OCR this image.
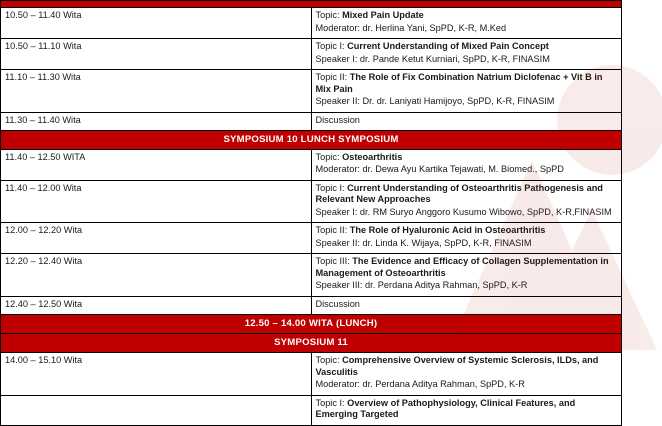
10.50 – 11.40 Wita	Topic: Mixed Pain Update
Moderator: dr. Herlina Yani, SpPD, K-R, M.Ked

10.50 – 11.10 Wita	Topic I: Current Understanding of Mixed Pain Concept
Speaker I: dr. Pande Ketut Kurniari, SpPD, K-R, FINASIM

11.10 – 11.30 Wita	Topic II: The Role of Fix Combination Natrium Diclofenac + Vit B in Mix Pain
Speaker II: Dr. dr. Laniyati Hamijoyo, SpPD, K-R, FINASIM

11.30 – 11.40 Wita	Discussion

SYMPOSIUM 10 LUNCH SYMPOSIUM	
11.40 – 12.50 WITA	Topic: Osteoarthritis
Moderator: dr. Dewa Ayu Kartika Tejawati, M. Biomed., SpPD

11.40 – 12.00 Wita	Topic I: Current Understanding of Osteoarthritis Pathogenesis and Relevant New Approaches
Speaker I: dr. RM Suryo Anggoro Kusumo Wibowo, SpPD, K-R,FINASIM

12.00 – 12.20 Wita	Topic II: The Role of Hyaluronic Acid in Osteoarthritis
Speaker II: dr. Linda K. Wijaya, SpPD, K-R, FINASIM

12.20 – 12.40 Wita	Topic III: The Evidence and Efficacy of Collagen Supplementation in Management of Osteoarthritis
Speaker III: dr. Perdana Aditya Rahman, SpPD, K-R

12.40 – 12.50 Wita	Discussion

12.50 – 14.00 WITA (LUNCH)	
SYMPOSIUM 11	
14.00 – 15.10 Wita	Topic: Comprehensive Overview of Systemic Sclerosis, ILDs, and Vasculitis
Moderator: dr. Perdana Aditya Rahman, SpPD, K-R

	Topic I: Overview of Pathophysiology, Clinical Features, and Emerging Targeted
